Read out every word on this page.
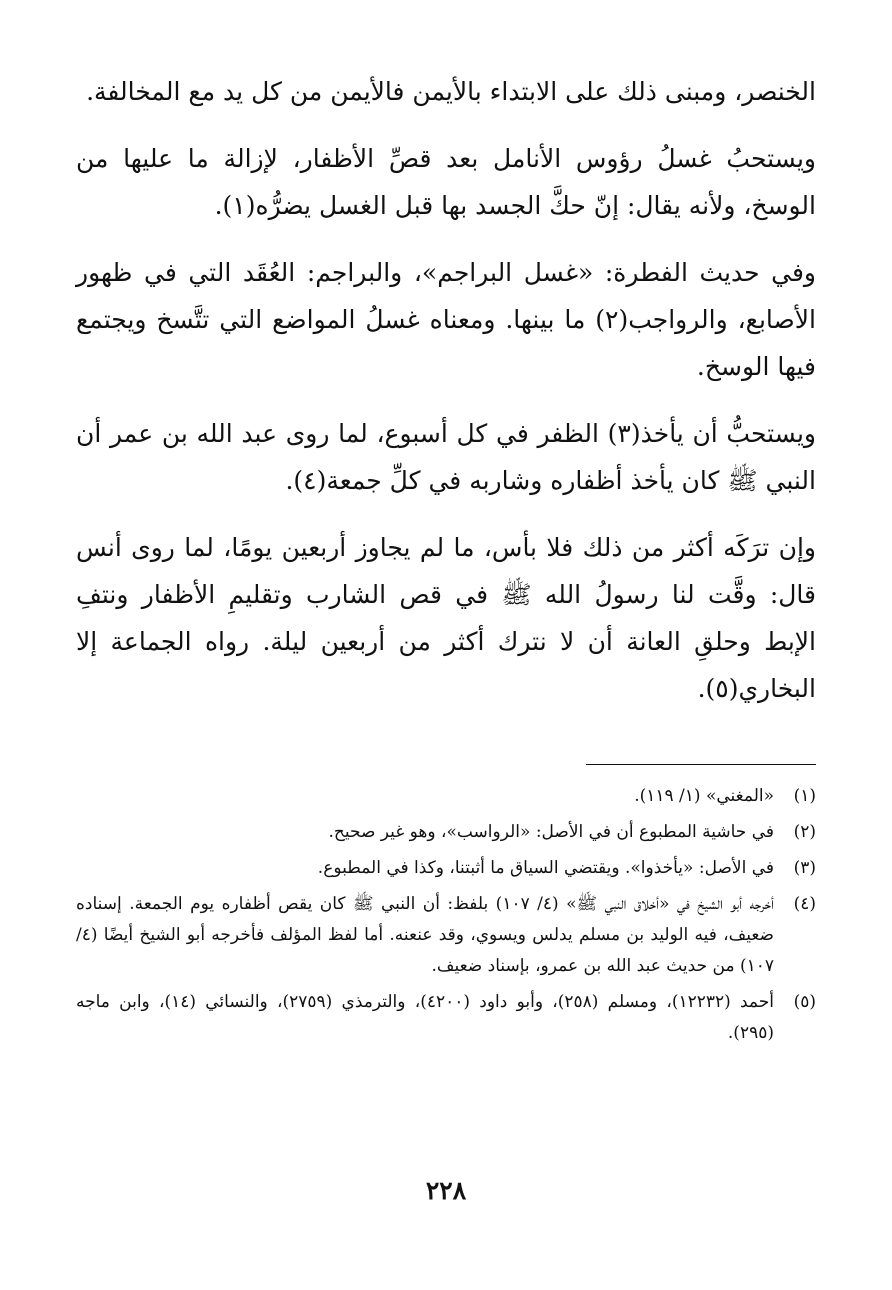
الخنصر، ومبنى ذلك على الابتداء بالأيمن فالأيمن من كل يد مع المخالفة.

ويستحبُ غسلُ رؤوس الأنامل بعد قصِّ الأظفار، لإزالة ما عليها من الوسخ، ولأنه يقال: إنّ حكَّ الجسد بها قبل الغسل يضرُّه(١).

وفي حديث الفطرة: «غسل البراجم»، والبراجم: العُقَد التي في ظهور الأصابع، والرواجب(٢) ما بينها. ومعناه غسلُ المواضع التي تتَّسخ ويجتمع فيها الوسخ.

ويستحبُّ أن يأخذ(٣) الظفر في كل أسبوع، لما روى عبد الله بن عمر أن النبي ﷺ كان يأخذ أظفاره وشاربه في كلِّ جمعة(٤).

وإن ترَكَه أكثر من ذلك فلا بأس، ما لم يجاوز أربعين يومًا، لما روى أنس قال: وقَّت لنا رسولُ الله ﷺ في قص الشارب وتقليمِ الأظفار ونتفِ الإبط وحلقِ العانة أن لا نترك أكثر من أربعين ليلة. رواه الجماعة إلا البخاري(٥).

(١)
«المغني» (١/ ١١٩).
(٢)
في حاشية المطبوع أن في الأصل: «الرواسب»، وهو غير صحيح.
(٣)
في الأصل: «يأخذوا». ويقتضي السياق ما أثبتنا، وكذا في المطبوع.
(٤)
أخرجه أبو الشيخ في «أخلاق النبي ﷺ» (٤/ ١٠٧) بلفظ: أن النبي ﷺ كان يقص أظفاره يوم الجمعة. إسناده ضعيف، فيه الوليد بن مسلم يدلس ويسوي، وقد عنعنه. أما لفظ المؤلف فأخرجه أبو الشيخ أيضًا (٤/ ١٠٧) من حديث عبد الله بن عمرو، بإسناد ضعيف.
(٥)
أحمد (١٢٢٣٢)، ومسلم (٢٥٨)، وأبو داود (٤٢٠٠)، والترمذي (٢٧٥٩)، والنسائي (١٤)، وابن ماجه (٢٩٥).
٢٢٨
